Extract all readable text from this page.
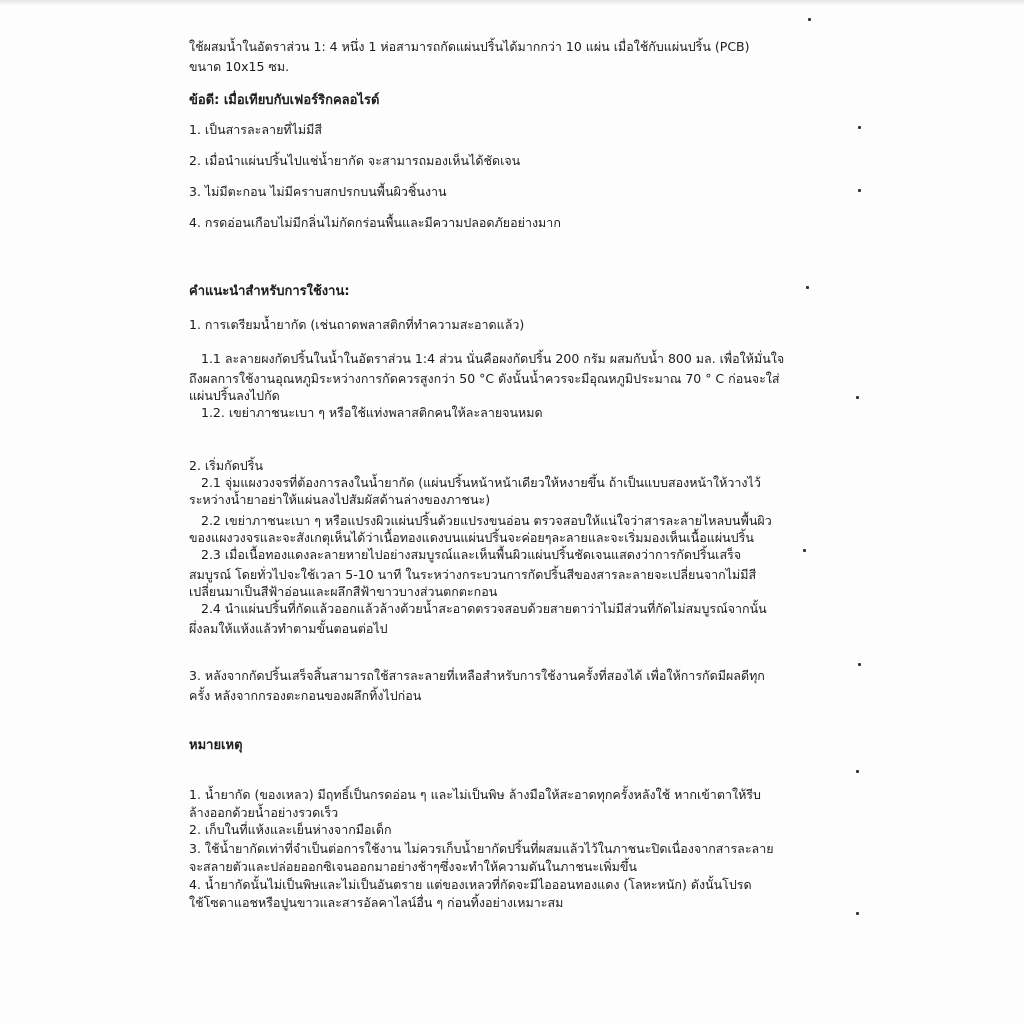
ใช้ผสมน้ำในอัตราส่วน 1: 4 หนึ่ง 1 ห่อสามารถกัดแผ่นปริ้นได้มากกว่า 10 แผ่น เมื่อใช้กับแผ่นปริ้น (PCB)
ขนาด 10x15 ซม.
ข้อดี: เมื่อเทียบกับเฟอร์ริกคลอไรด์
1. เป็นสารละลายที่ไม่มีสี
2. เมื่อนำแผ่นปริ้นไปแช่น้ำยากัด จะสามารถมองเห็นได้ชัดเจน
3. ไม่มีตะกอน ไม่มีคราบสกปรกบนพื้นผิวชิ้นงาน
4. กรดอ่อนเกือบไม่มีกลิ่นไม่กัดกร่อนพื้นและมีความปลอดภัยอย่างมาก
คำแนะนำสำหรับการใช้งาน:
1. การเตรียมน้ำยากัด (เช่นถาดพลาสติกที่ทำความสะอาดแล้ว)
1.1 ละลายผงกัดปริ้นในน้ำในอัตราส่วน 1:4 ส่วน นั่นคือผงกัดปริ้น 200 กรัม ผสมกับน้ำ 800 มล. เพื่อให้มั่นใจ
ถึงผลการใช้งานอุณหภูมิระหว่างการกัดควรสูงกว่า 50 °C ดังนั้นน้ำควรจะมีอุณหภูมิประมาณ 70 ° C ก่อนจะใส่
แผ่นปริ้นลงไปกัด
1.2. เขย่าภาชนะเบา ๆ หรือใช้แท่งพลาสติกคนให้ละลายจนหมด
2. เริ่มกัดปริ้น
2.1 จุ่มแผงวงจรที่ต้องการลงในน้ำยากัด (แผ่นปริ้นหน้าหน้าเดียวให้หงายขึ้น ถ้าเป็นแบบสองหน้าให้วางไว้
ระหว่างน้ำยาอย่าให้แผ่นลงไปสัมผัสด้านล่างของภาชนะ)
2.2 เขย่าภาชนะเบา ๆ หรือแปรงผิวแผ่นปริ้นด้วยแปรงขนอ่อน ตรวจสอบให้แน่ใจว่าสารละลายไหลบนพื้นผิว
ของแผงวงจรและจะสังเกตุเห็นได้ว่าเนื้อทองแดงบนแผ่นปริ้นจะค่อยๆละลายและจะเริ่มมองเห็นเนื้อแผ่นปริ้น
2.3 เมื่อเนื้อทองแดงละลายหายไปอย่างสมบูรณ์และเห็นพื้นผิวแผ่นปริ้นชัดเจนแสดงว่าการกัดปริ้นเสร็จ
สมบูรณ์ โดยทั่วไปจะใช้เวลา 5-10 นาที ในระหว่างกระบวนการกัดปริ้นสีของสารละลายจะเปลี่ยนจากไม่มีสี
เปลี่ยนมาเป็นสีฟ้าอ่อนและผลึกสีฟ้าขาวบางส่วนตกตะกอน
2.4 นำแผ่นปริ้นที่กัดแล้วออกแล้วล้างด้วยน้ำสะอาดตรวจสอบด้วยสายตาว่าไม่มีส่วนที่กัดไม่สมบูรณ์จากนั้น
ผึ่งลมให้แห้งแล้วทำตามขั้นตอนต่อไป
3. หลังจากกัดปริ้นเสร็จสิ้นสามารถใช้สารละลายที่เหลือสำหรับการใช้งานครั้งที่สองได้ เพื่อให้การกัดมีผลดีทุก
ครั้ง หลังจากกรองตะกอนของผลึกทิ้งไปก่อน
หมายเหตุ
1. น้ำยากัด (ของเหลว) มีฤทธิ์เป็นกรดอ่อน ๆ และไม่เป็นพิษ ล้างมือให้สะอาดทุกครั้งหลังใช้ หากเข้าตาให้รีบ
ล้างออกด้วยน้ำอย่างรวดเร็ว
2. เก็บในที่แห้งและเย็นห่างจากมือเด็ก
3. ใช้น้ำยากัดเท่าที่จำเป็นต่อการใช้งาน ไม่ควรเก็บน้ำยากัดปริ้นที่ผสมแล้วไว้ในภาชนะปิดเนื่องจากสารละลาย
จะสลายตัวและปล่อยออกซิเจนออกมาอย่างช้าๆซึ่งจะทำให้ความดันในภาชนะเพิ่มขึ้น
4. น้ำยากัดนั้นไม่เป็นพิษและไม่เป็นอันตราย แต่ของเหลวที่กัดจะมีไอออนทองแดง (โลหะหนัก) ดังนั้นโปรด
ใช้โซดาแอชหรือปูนขาวและสารอัลคาไลน์อื่น ๆ ก่อนทิ้งอย่างเหมาะสม
